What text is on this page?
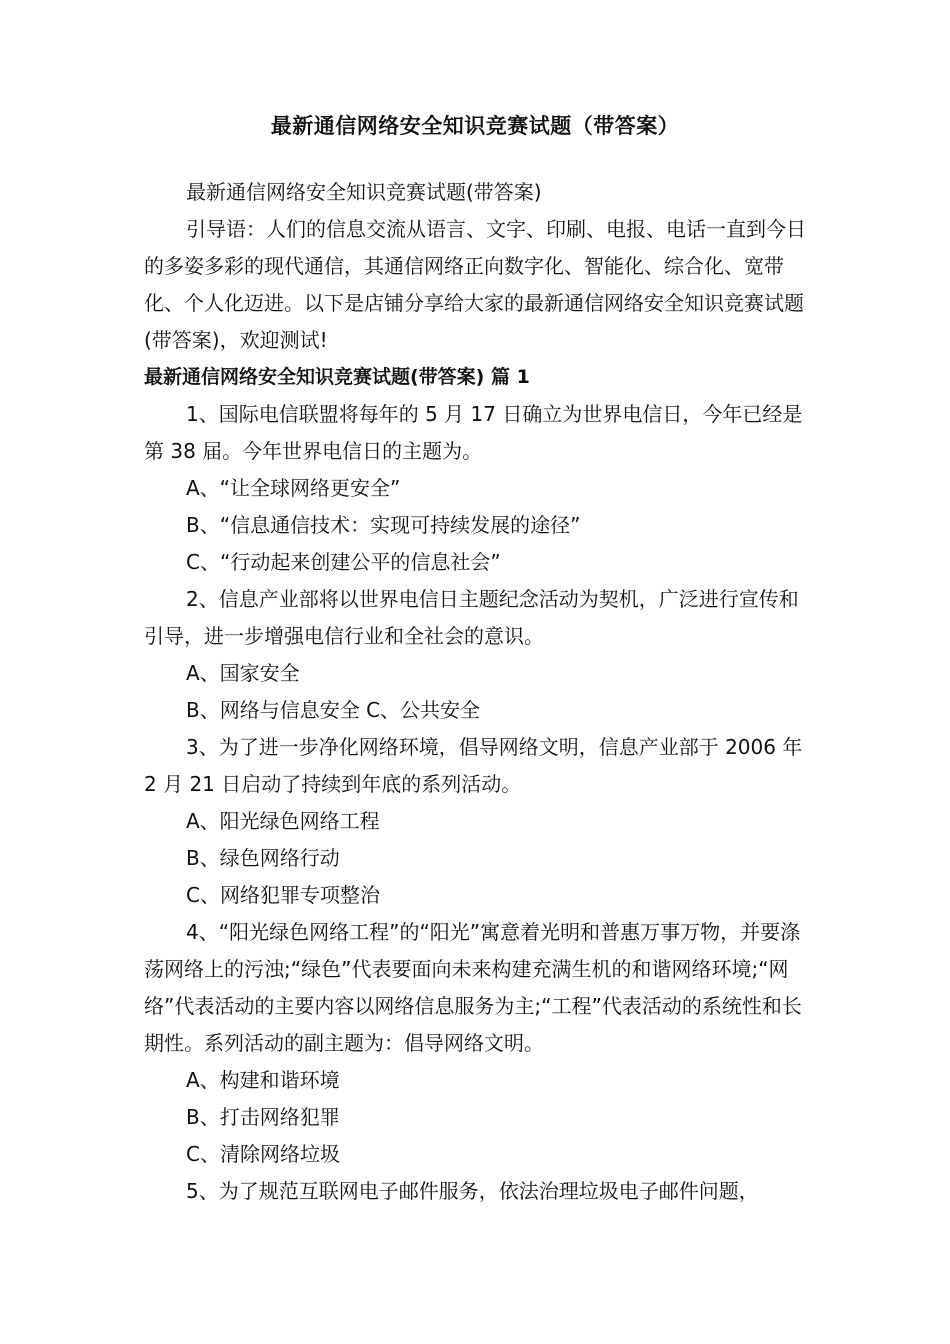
最新通信网络安全知识竞赛试题（带答案）

最新通信网络安全知识竞赛试题(带答案)

引导语：人们的信息交流从语言、文字、印刷、电报、电话一直到今日的多姿多彩的现代通信，其通信网络正向数字化、智能化、综合化、宽带化、个人化迈进。以下是店铺分享给大家的最新通信网络安全知识竞赛试题(带答案)，欢迎测试!

最新通信网络安全知识竞赛试题(带答案) 篇 1

1、国际电信联盟将每年的 5 月 17 日确立为世界电信日，今年已经是第 38 届。今年世界电信日的主题为。

A、“让全球网络更安全”

B、“信息通信技术：实现可持续发展的途径”

C、“行动起来创建公平的信息社会”

2、信息产业部将以世界电信日主题纪念活动为契机，广泛进行宣传和引导，进一步增强电信行业和全社会的意识。

A、国家安全

B、网络与信息安全 C、公共安全

3、为了进一步净化网络环境，倡导网络文明，信息产业部于 2006 年 2 月 21 日启动了持续到年底的系列活动。

A、阳光绿色网络工程

B、绿色网络行动

C、网络犯罪专项整治

4、“阳光绿色网络工程”的“阳光”寓意着光明和普惠万事万物，并要涤荡网络上的污浊;“绿色”代表要面向未来构建充满生机的和谐网络环境;“网络”代表活动的主要内容以网络信息服务为主;“工程”代表活动的系统性和长期性。系列活动的副主题为：倡导网络文明。

A、构建和谐环境

B、打击网络犯罪

C、清除网络垃圾

5、为了规范互联网电子邮件服务，依法治理垃圾电子邮件问题，
